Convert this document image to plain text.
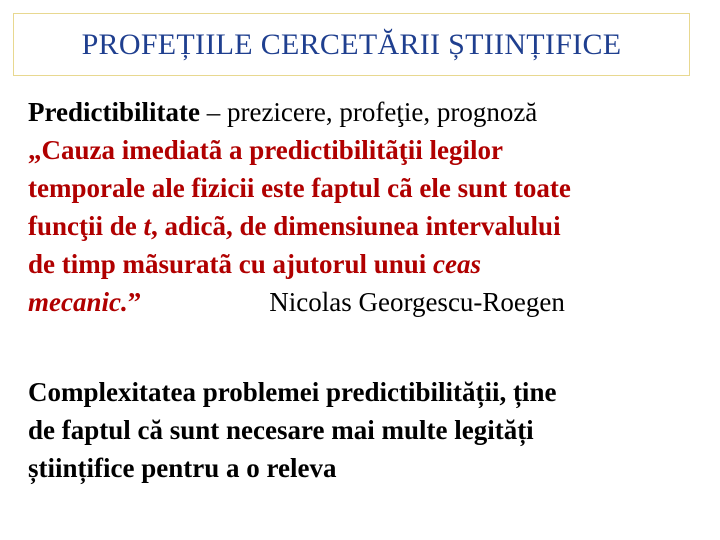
PROFEȚIILE CERCETĂRII ȘTIINȚIFICE
Predictibilitate – prezicere, profeţie, prognoză
„Cauza imediatã a predictibilitãţii legilor
temporale ale fizicii este faptul cã ele sunt toate
funcţii de t, adicã, de dimensiunea intervalului
de timp mãsuratã cu ajutorul unui ceas
mecanic.”	Nicolas Georgescu-Roegen
Complexitatea problemei predictibilității, ține
de faptul că sunt necesare mai multe legități
științifice pentru a o releva
